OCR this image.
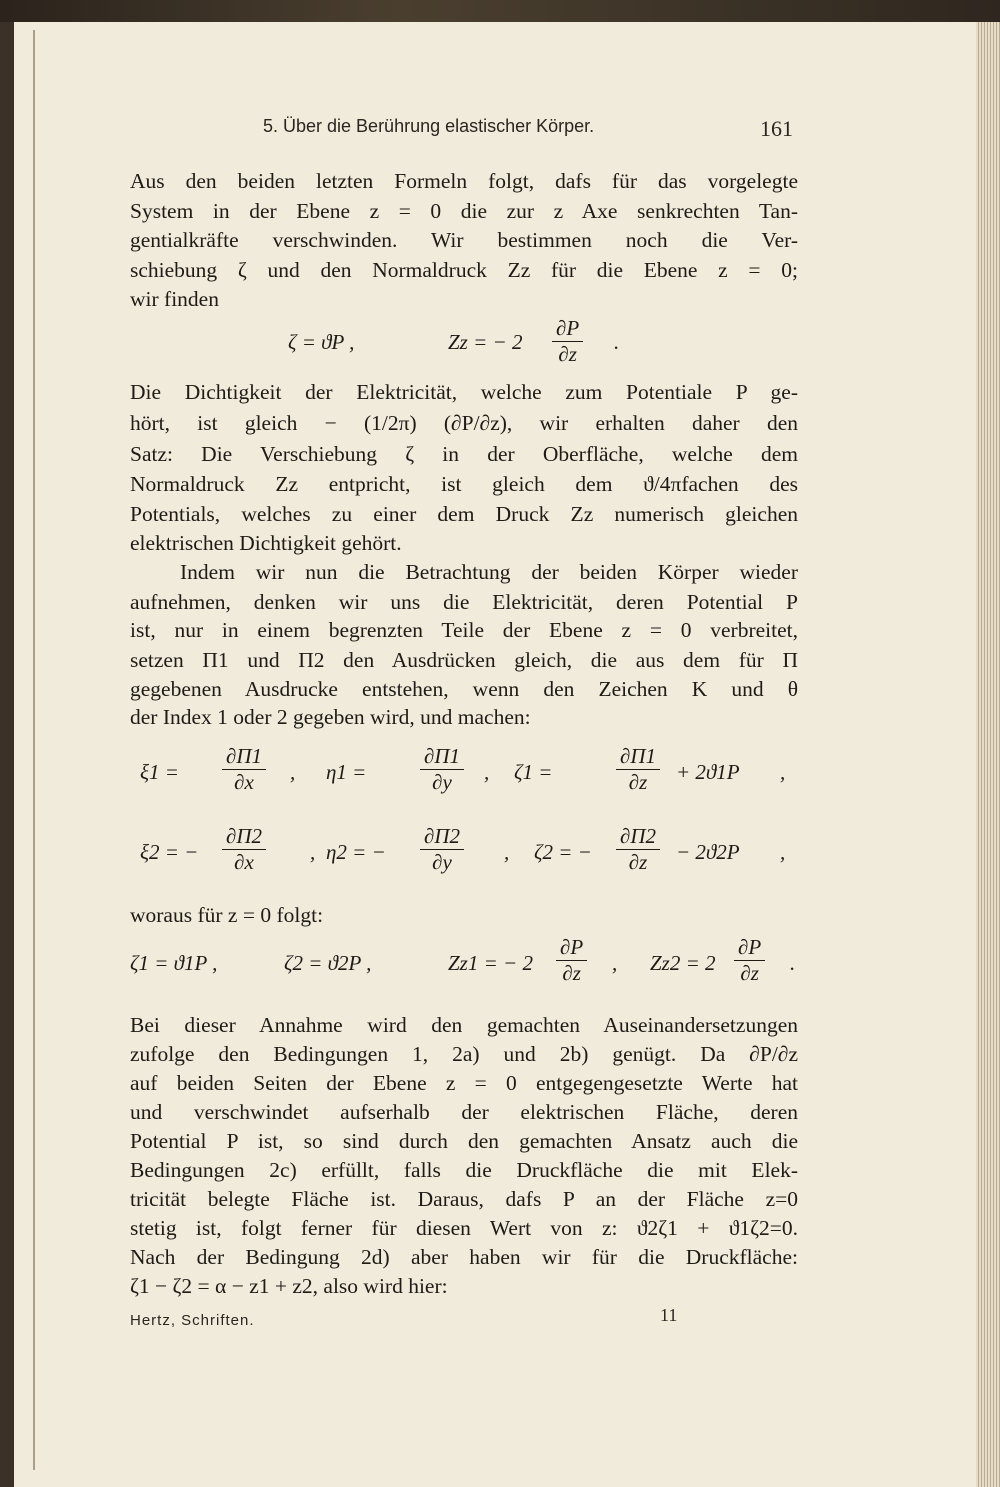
5. Über die Berührung elastischer Körper.	161
Aus den beiden letzten Formeln folgt, dafs für das vorgelegte
System in der Ebene z = 0 die zur z Axe senkrechten Tan-
gentialkräfte verschwinden. Wir bestimmen noch die Ver-
schiebung ζ und den Normaldruck Zz für die Ebene z = 0;
wir finden
ζ = ϑP ,	Zz = − $2 \frac{\partial P}{\partial z}$ .
Die Dichtigkeit der Elektricität, welche zum Potentiale P ge-
hört, ist gleich − (1/2π) (∂P/∂z), wir erhalten daher den
Satz: Die Verschiebung ζ in der Oberfläche, welche dem
Normaldruck Zz entpricht, ist gleich dem ϑ/4πfachen des
Potentials, welches zu einer dem Druck Zz numerisch gleichen
elektrischen Dichtigkeit gehört.
Indem wir nun die Betrachtung der beiden Körper wieder
aufnehmen, denken wir uns die Elektricität, deren Potential P
ist, nur in einem begrenzten Teile der Ebene z = 0 verbreitet,
setzen Π1 und Π2 den Ausdrücken gleich, die aus dem für Π
gegebenen Ausdrucke entstehen, wenn den Zeichen K und θ
der Index 1 oder 2 gegeben wird, und machen:
$\xi 1 = \frac{\partial\Pi 1}{\partial x}$ , η1 =	$\frac{\partial\Pi 1}{\partial y}$ , ζ1 =	$\frac{\partial\Pi 1}{\partial z} + 2ϑ1P$ ,
ξ2 = − $\frac{\partial\Pi 2}{\partial x}$ , η2 = − $\frac{\partial\Pi 2}{\partial y}$ , ζ2 = − $\frac{\partial\Pi 2}{\partial z} - 2ϑ2P$ ,
woraus für z = 0 folgt:
ζ1 = ϑ1P ,	ζ2 = ϑ2P ,	Zz1 = − $2 \frac{\partial P}{\partial z}$ , $Zz2 = 2 \frac{\partial P}{\partial z}$ .
Bei dieser Annahme wird den gemachten Auseinandersetzungen
zufolge den Bedingungen 1, 2a) und 2b) genügt. Da ∂P/∂z
auf beiden Seiten der Ebene z = 0 entgegengesetzte Werte hat
und verschwindet aufserhalb der elektrischen Fläche, deren
Potential P ist, so sind durch den gemachten Ansatz auch die
Bedingungen 2c) erfüllt, falls die Druckfläche die mit Elek-
tricität belegte Fläche ist. Daraus, dafs P an der Fläche z=0
stetig ist, folgt ferner für diesen Wert von z: ϑ2ζ1 + ϑ1ζ2=0.
Nach der Bedingung 2d) aber haben wir für die Druckfläche:
ζ1 − ζ2 = α − z1 + z2, also wird hier:
Hertz, Schriften.	11
